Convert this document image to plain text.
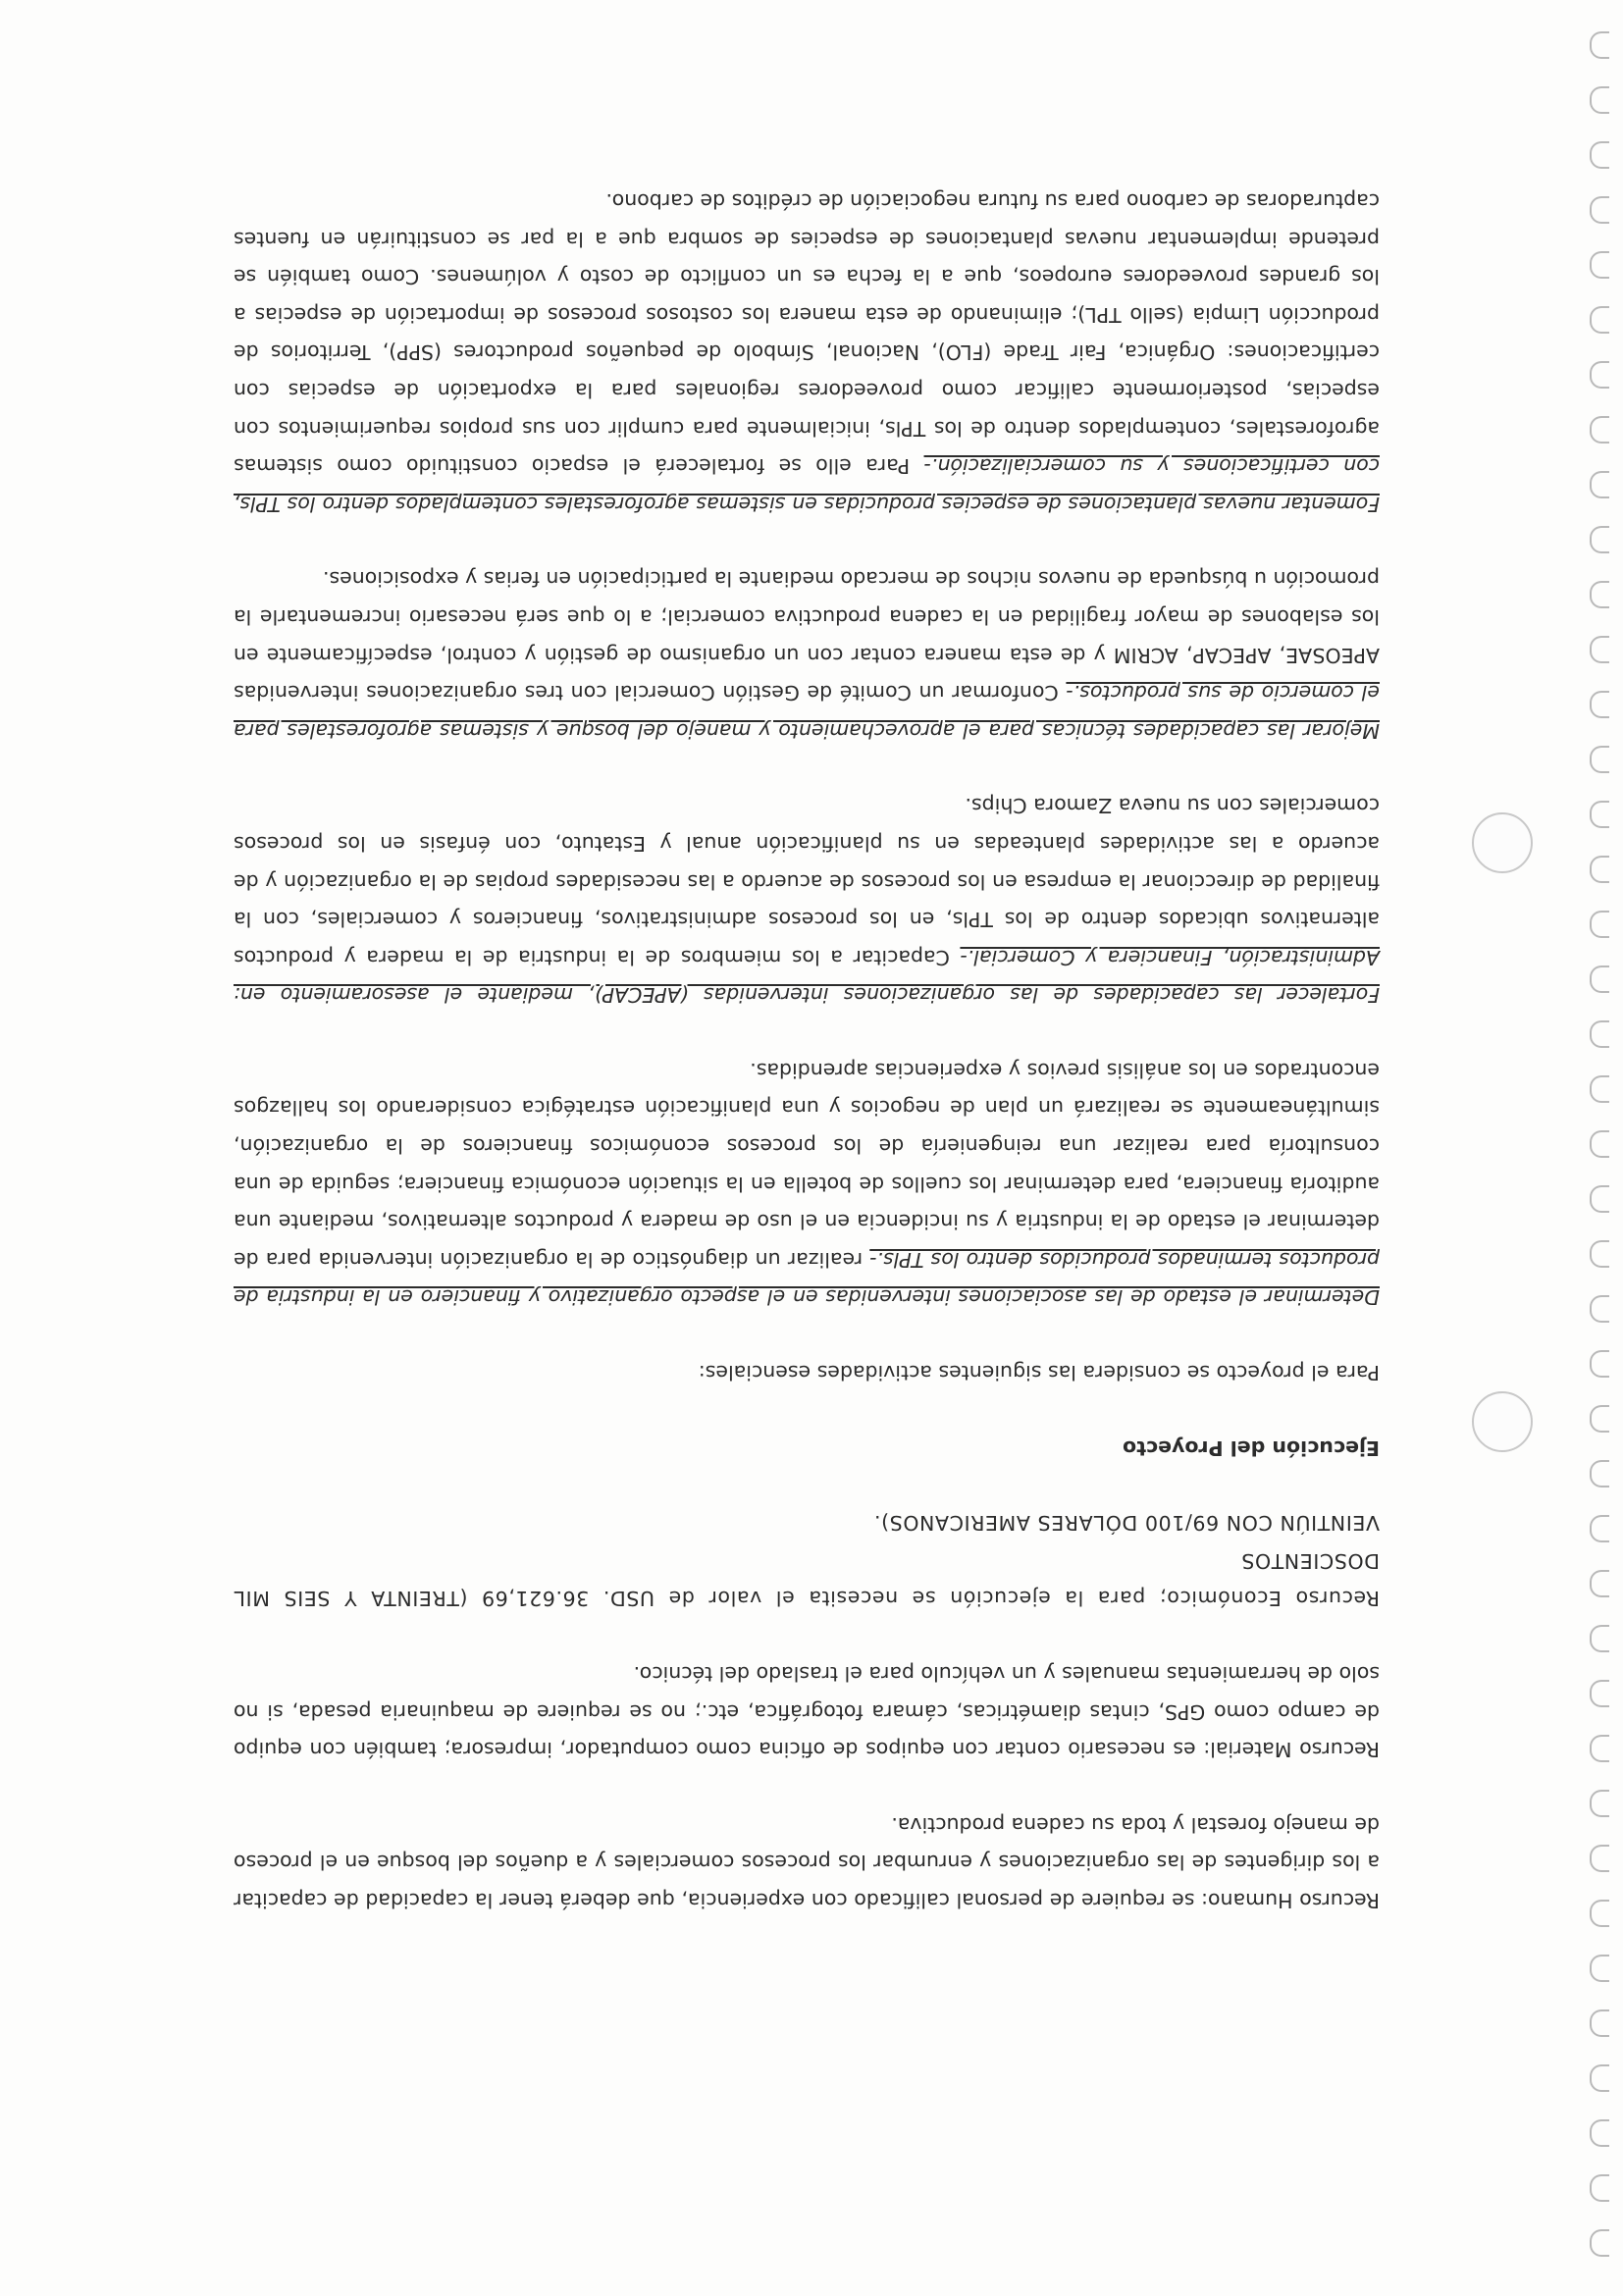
Recurso Humano: se requiere de personal calificado con experiencia, que deberá tener la capacidad de capacitar a los dirigentes de las organizaciones y enrumbar los procesos comerciales y a dueños del bosque en el proceso de manejo forestal y toda su cadena productiva.

Recurso Material: es necesario contar con equipos de oficina como computador, impresora; también con equipo de campo como GPS, cintas diamétricas, cámara fotográfica, etc.; no se requiere de maquinaria pesada, si no solo de herramientas manuales y un vehículo para el traslado del técnico.

Recurso Económico; para la ejecución se necesita el valor de USD. 36.621,69 (TREINTA Y SEIS MIL DOSCIENTOS

VEINTIÚN CON 69/100 DÓLARES AMERICANOS).

Ejecución del Proyecto

Para el proyecto se considera las siguientes actividades esenciales:

Determinar el estado de las asociaciones intervenidas en el aspecto organizativo y financiero en la industria de productos terminados producidos dentro los TPls.- realizar un diagnóstico de la organización intervenida para de determinar el estado de la industria y su incidencia en el uso de madera y productos alternativos, mediante una auditoría financiera, para determinar los cuellos de botella en la situación económica financiera; seguida de una consultoría para realizar una reingeniería de los procesos económicos financieros de la organización, simultáneamente se realizará un plan de negocios y una planificación estratégica considerando los hallazgos encontrados en los análisis previos y experiencias aprendidas.

Fortalecer las capacidades de las organizaciones intervenidas (APECAP), mediante el asesoramiento en: Administración, Financiera y Comercial.- Capacitar a los miembros de la industria de la madera y productos alternativos ubicados dentro de los TPls, en los procesos administrativos, financieros y comerciales, con la finalidad de direccionar la empresa en los procesos de acuerdo a las necesidades propias de la organización y de acuerdo a las actividades planteadas en su planificación anual y Estatuto, con énfasis en los procesos comerciales con su nueva Zamora Chips.

Mejorar las capacidades técnicas para el aprovechamiento y manejo del bosque y sistemas agroforestales para el comercio de sus productos.- Conformar un Comité de Gestión Comercial con tres organizaciones intervenidas APEOSAE, APECAP, ACRIM y de esta manera contar con un organismo de gestión y control, específicamente en los eslabones de mayor fragilidad en la cadena productiva comercial; a lo que será necesario incrementarle la promoción u búsqueda de nuevos nichos de mercado mediante la participación en ferias y exposiciones.

Fomentar nuevas plantaciones de especies producidas en sistemas agroforestales contemplados dentro los TPls, con certificaciones y su comercialización.- Para ello se fortalecerá el espacio constituido como sistemas agroforestales, contemplados dentro de los TPls, inicialmente para cumplir con sus propios requerimientos con especias, posteriormente calificar como proveedores regionales para la exportación de especias con certificaciones: Orgánica, Fair Trade (FLO), Nacional, Símbolo de pequeños productores (SPP), Territorios de producción Limpia (sello TPL); eliminando de esta manera los costosos procesos de importación de especias a los grandes proveedores europeos, que a la fecha es un conflicto de costo y volúmenes. Como también se pretende implementar nuevas plantaciones de especies de sombra que a la par se constituirán en fuentes capturadoras de carbono para su futura negociación de créditos de carbono.
